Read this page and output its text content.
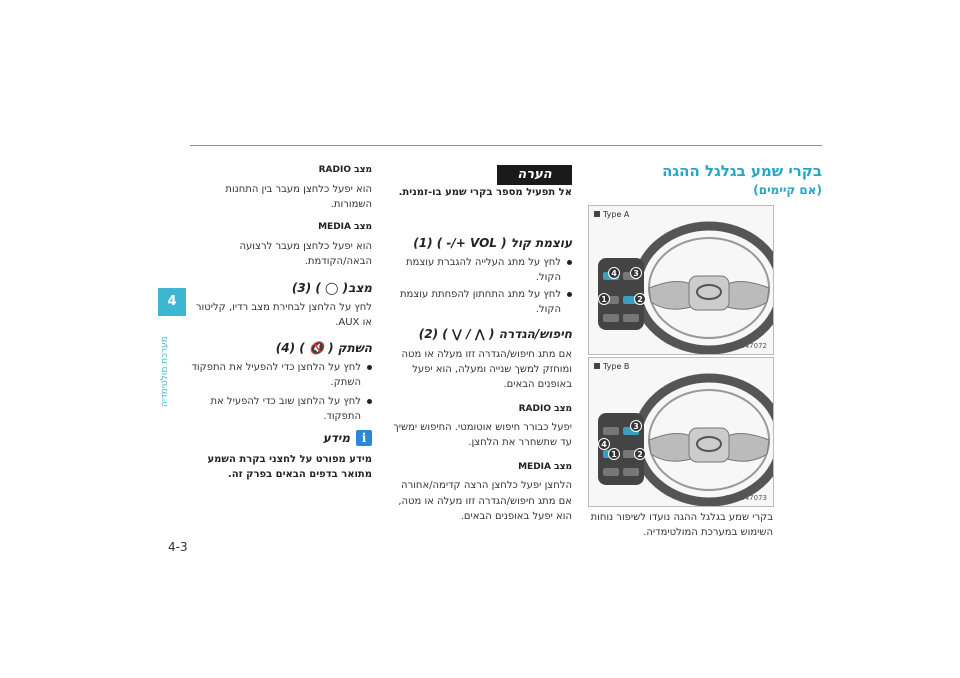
4
מערכת מולטימדיה
4-3
בקרי שמע בגלגל ההגה
(אם קיימים)
Type A
4 3
1	2
OOS047072
Type B
3
4
1	2
OOS047073
בקרי שמע בגלגל ההגה נועדו לשיפור נוחות השימוש במערכת המולטימדיה.
הערה
אל תפעיל מספר בקרי שמע בו-זמנית.
עוצמת קול ( VOL +/- ) (1)
לחץ על מתג העלייה להגברת עוצמת הקול.
לחץ על מתג התחתון להפחתת עוצמת הקול.
חיפוש/הגדרה ( ⋀ / ⋁ ) (2)
אם מתג חיפוש/הגדרה זזו מעלה או מטה ומוחזק למשך שנייה ומעלה, הוא יפעל באופנים הבאים.
מצב RADIO
יפעל כבורר חיפוש אוטומטי. החיפוש ימשיך עד שתשחרר את הלחצן.
מצב MEDIA
הלחצן יפעל כלחצן הרצה קדימה/אחורה
אם מתג חיפוש/הגדרה זזו מעלה או מטה, הוא יפעל באופנים הבאים.
מצב RADIO
הוא יפעל כלחצן מעבר בין התחנות השמורות.
מצב MEDIA
הוא יפעל כלחצן מעבר לרצועה הבאה/הקודמת.
מצב( ◯ ) (3)
לחץ על הלחצן לבחירת מצב רדיו, קליטור או AUX.
השתק ( 🔇 ) (4)
לחץ על הלחצן כדי להפעיל את התפקוד השתק.
לחץ על הלחצן שוב כדי להפעיל את התפקוד.
i
מידע
מידע מפורט על לחצני בקרת השמע מתואר בדפים הבאים בפרק זה.
